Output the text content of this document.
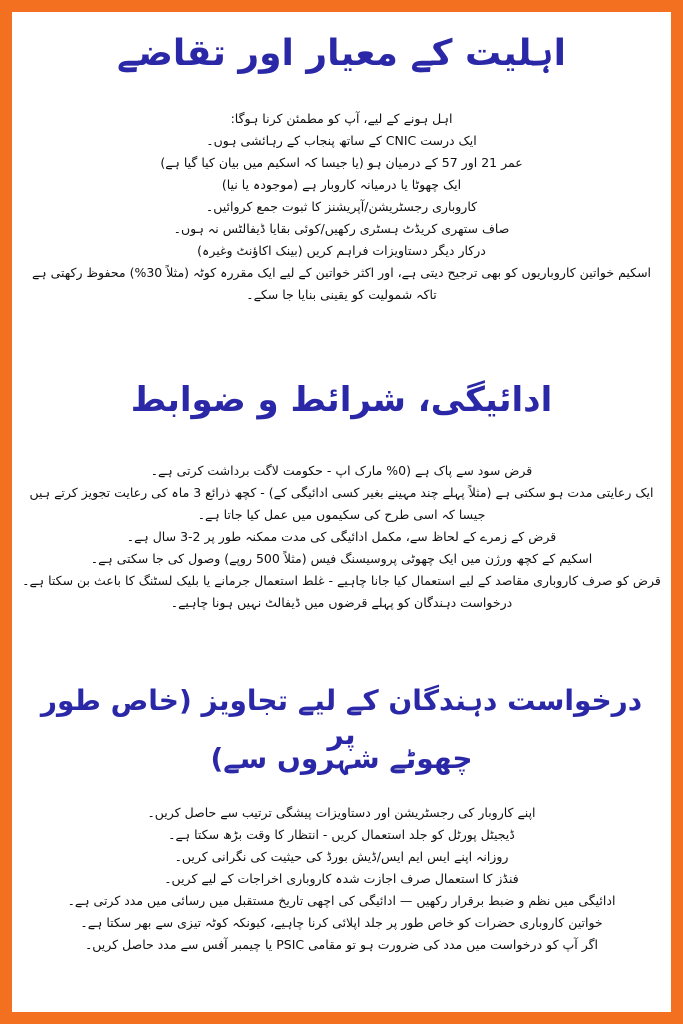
اہلیت کے معیار اور تقاضے
اہل ہونے کے لیے، آپ کو مطمئن کرنا ہوگا:
ایک درست CNIC کے ساتھ پنجاب کے رہائشی ہوں۔
عمر 21 اور 57 کے درمیان ہو (یا جیسا کہ اسکیم میں بیان کیا گیا ہے)
ایک چھوٹا یا درمیانہ کاروبار ہے (موجودہ یا نیا)
کاروباری رجسٹریشن/آپریشنز کا ثبوت جمع کروائیں۔
صاف ستھری کریڈٹ ہسٹری رکھیں/کوئی بقایا ڈیفالٹس نہ ہوں۔
درکار دیگر دستاویزات فراہم کریں (بینک اکاؤنٹ وغیرہ)
اسکیم خواتین کاروباریوں کو بھی ترجیح دیتی ہے، اور اکثر خواتین کے لیے ایک مقررہ کوٹہ (مثلاً 30%) محفوظ رکھتی ہے تاکہ شمولیت کو یقینی بنایا جا سکے۔
ادائیگی، شرائط و ضوابط
قرض سود سے پاک ہے (0% مارک اپ - حکومت لاگت برداشت کرتی ہے۔
ایک رعایتی مدت ہو سکتی ہے (مثلاً پہلے چند مہینے بغیر کسی ادائیگی کے) - کچھ ذرائع 3 ماہ کی رعایت تجویز کرتے ہیں جیسا کہ اسی طرح کی سکیموں میں عمل کیا جاتا ہے۔
قرض کے زمرے کے لحاظ سے، مکمل ادائیگی کی مدت ممکنہ طور پر 2-3 سال ہے۔
اسکیم کے کچھ ورژن میں ایک چھوٹی پروسیسنگ فیس (مثلاً 500 روپے) وصول کی جا سکتی ہے۔
قرض کو صرف کاروباری مقاصد کے لیے استعمال کیا جانا چاہیے - غلط استعمال جرمانے یا بلیک لسٹنگ کا باعث بن سکتا ہے۔
درخواست دہندگان کو پہلے قرضوں میں ڈیفالٹ نہیں ہونا چاہیے۔
درخواست دہندگان کے لیے تجاویز (خاص طور پر
چھوٹے شہروں سے)
اپنے کاروبار کی رجسٹریشن اور دستاویزات پیشگی ترتیب سے حاصل کریں۔
ڈیجیٹل پورٹل کو جلد استعمال کریں - انتظار کا وقت بڑھ سکتا ہے۔
روزانہ اپنے ایس ایم ایس/ڈیش بورڈ کی حیثیت کی نگرانی کریں۔
فنڈز کا استعمال صرف اجازت شدہ کاروباری اخراجات کے لیے کریں۔
ادائیگی میں نظم و ضبط برقرار رکھیں — ادائیگی کی اچھی تاریخ مستقبل میں رسائی میں مدد کرتی ہے۔
خواتین کاروباری حضرات کو خاص طور پر جلد اپلائی کرنا چاہیے، کیونکہ کوٹہ تیزی سے بھر سکتا ہے۔
اگر آپ کو درخواست میں مدد کی ضرورت ہو تو مقامی PSIC یا چیمبر آفس سے مدد حاصل کریں۔
